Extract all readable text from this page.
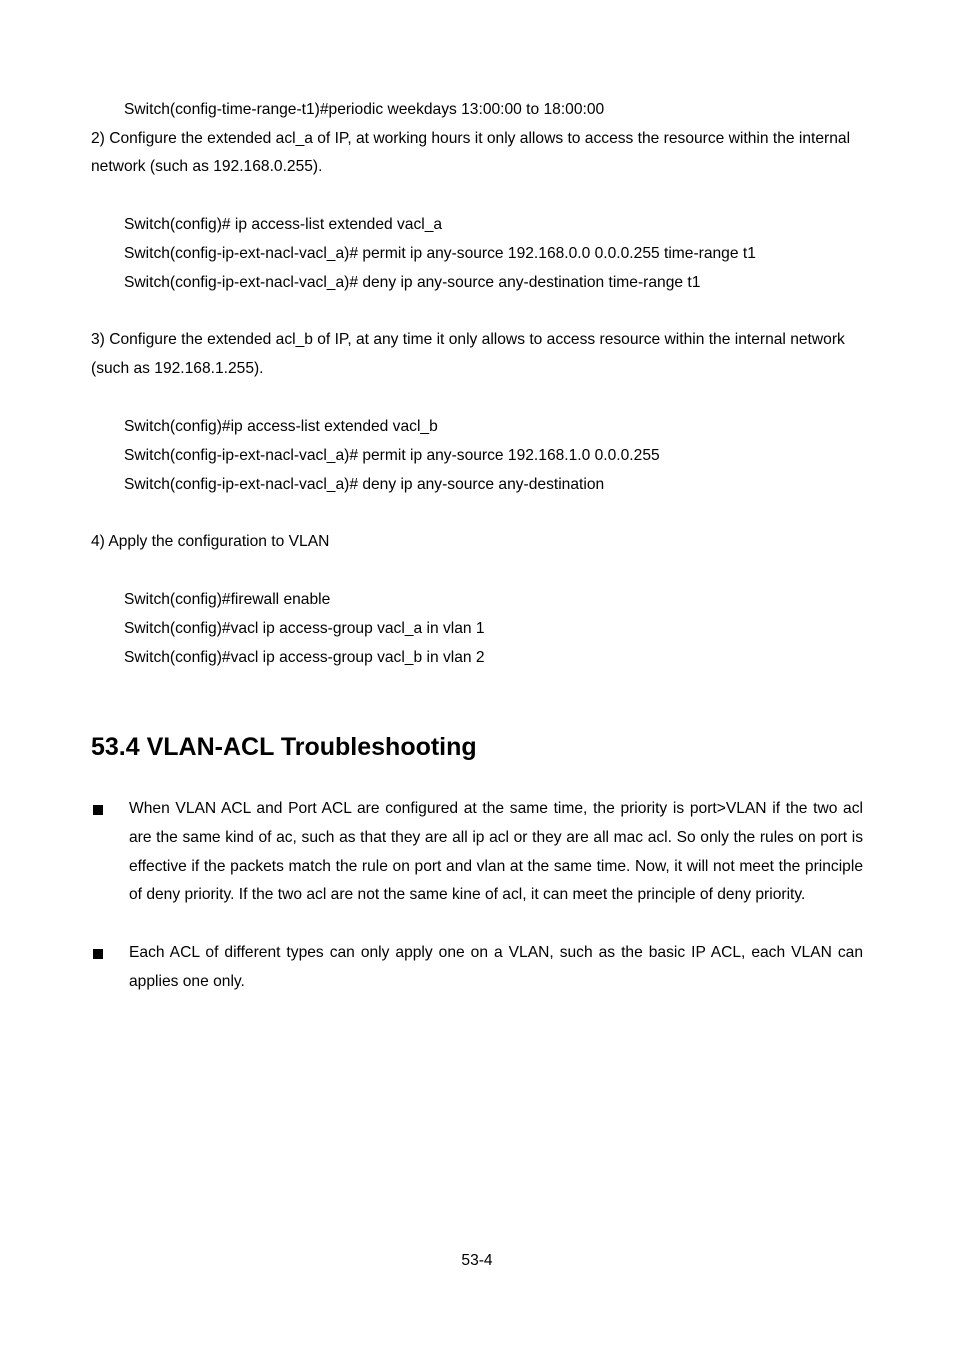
Switch(config-time-range-t1)#periodic weekdays 13:00:00 to 18:00:00
2) Configure the extended acl_a of IP, at working hours it only allows to access the resource within the internal
network (such as 192.168.0.255).
Switch(config)# ip access-list extended vacl_a
Switch(config-ip-ext-nacl-vacl_a)# permit ip any-source 192.168.0.0 0.0.0.255 time-range t1
Switch(config-ip-ext-nacl-vacl_a)# deny ip any-source any-destination time-range t1
3) Configure the extended acl_b of IP, at any time it only allows to access resource within the internal network
(such as 192.168.1.255).
Switch(config)#ip access-list extended vacl_b
Switch(config-ip-ext-nacl-vacl_a)# permit ip any-source 192.168.1.0 0.0.0.255
Switch(config-ip-ext-nacl-vacl_a)# deny ip any-source any-destination
4) Apply the configuration to VLAN
Switch(config)#firewall enable
Switch(config)#vacl ip access-group vacl_a in vlan 1
Switch(config)#vacl ip access-group vacl_b in vlan 2
53.4 VLAN-ACL Troubleshooting
When VLAN ACL and Port ACL are configured at the same time, the priority is port>VLAN if the two acl are the same kind of ac, such as that they are all ip acl or they are all mac acl. So only the rules on port is effective if the packets match the rule on port and vlan at the same time. Now, it will not meet the principle of deny priority. If the two acl are not the same kine of acl, it can meet the principle of deny priority.
Each ACL of different types can only apply one on a VLAN, such as the basic IP ACL, each VLAN can applies one only.
53-4
